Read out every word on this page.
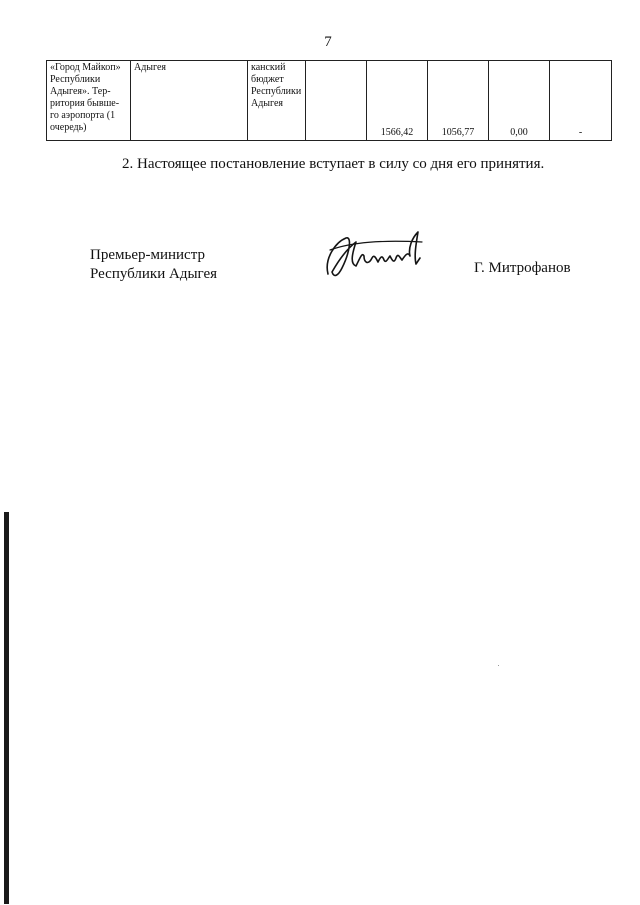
7
«Город Майкоп»
Республики
Адыгея». Тер-
ритория бывше-
го аэропорта (1
очередь)	Адыгея	канский
бюджет
Республики
Адыгея		1566,42	1056,77	0,00	-
2. Настоящее постановление вступает в силу со дня его принятия.
Премьер-министр
Республики Адыгея	Г. Митрофанов
